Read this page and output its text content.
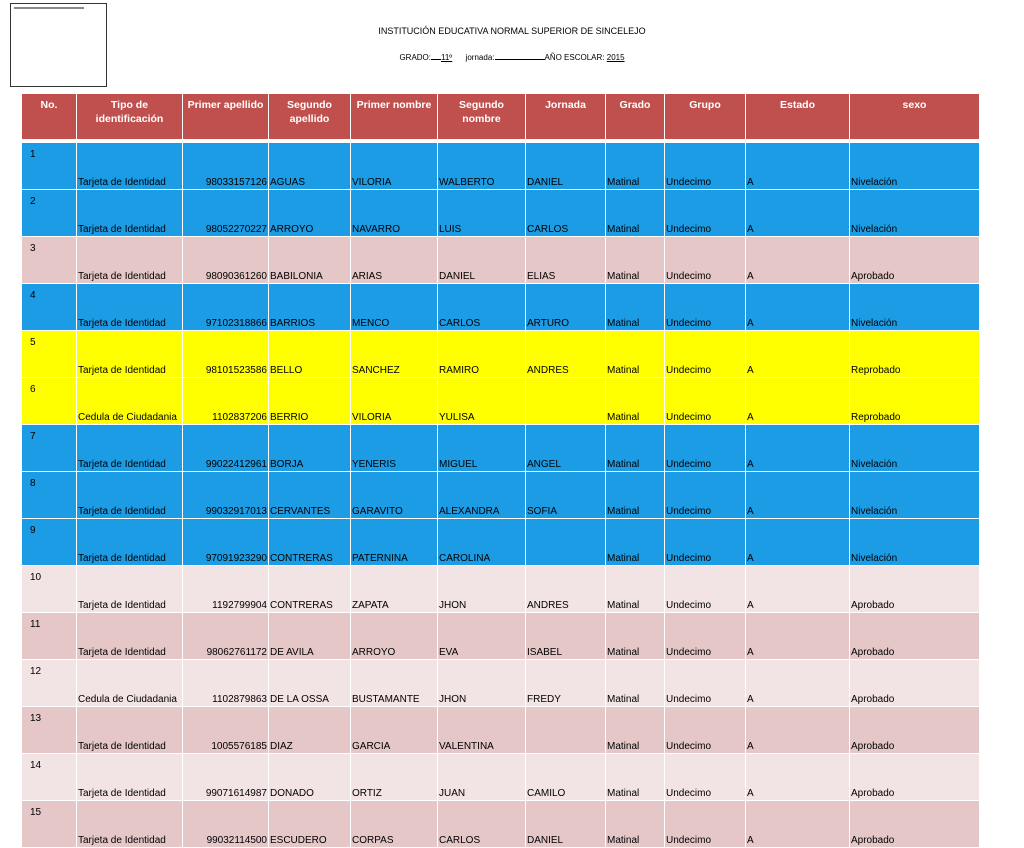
INSTITUCIÓN EDUCATIVA NORMAL SUPERIOR DE SINCELEJO
GRADO: 11º jornada:	AÑO ESCOLAR: 2015
No.	Tipo de identificación	Primer apellido	Segundo apellido	Primer nombre	Segundo nombre	Jornada	Grado	Grupo	Estado	sexo

1	Tarjeta de Identidad	98033157126	AGUAS	VILORIA	WALBERTO	DANIEL	Matinal	Undecimo	A	Nivelación
2	Tarjeta de Identidad	98052270227	ARROYO	NAVARRO	LUIS	CARLOS	Matinal	Undecimo	A	Nivelación
3	Tarjeta de Identidad	98090361260	BABILONIA	ARIAS	DANIEL	ELIAS	Matinal	Undecimo	A	Aprobado
4	Tarjeta de Identidad	97102318866	BARRIOS	MENCO	CARLOS	ARTURO	Matinal	Undecimo	A	Nivelación
5	Tarjeta de Identidad	98101523586	BELLO	SANCHEZ	RAMIRO	ANDRES	Matinal	Undecimo	A	Reprobado
6	Cedula de Ciudadania	1102837206	BERRIO	VILORIA	YULISA		Matinal	Undecimo	A	Reprobado
7	Tarjeta de Identidad	99022412961	BORJA	YENERIS	MIGUEL	ANGEL	Matinal	Undecimo	A	Nivelación
8	Tarjeta de Identidad	99032917013	CERVANTES	GARAVITO	ALEXANDRA	SOFIA	Matinal	Undecimo	A	Nivelación
9	Tarjeta de Identidad	97091923290	CONTRERAS	PATERNINA	CAROLINA		Matinal	Undecimo	A	Nivelación
10	Tarjeta de Identidad	1192799904	CONTRERAS	ZAPATA	JHON	ANDRES	Matinal	Undecimo	A	Aprobado
11	Tarjeta de Identidad	98062761172	DE AVILA	ARROYO	EVA	ISABEL	Matinal	Undecimo	A	Aprobado
12	Cedula de Ciudadania	1102879863	DE LA OSSA	BUSTAMANTE	JHON	FREDY	Matinal	Undecimo	A	Aprobado
13	Tarjeta de Identidad	1005576185	DIAZ	GARCIA	VALENTINA		Matinal	Undecimo	A	Aprobado
14	Tarjeta de Identidad	99071614987	DONADO	ORTIZ	JUAN	CAMILO	Matinal	Undecimo	A	Aprobado
15	Tarjeta de Identidad	99032114500	ESCUDERO	CORPAS	CARLOS	DANIEL	Matinal	Undecimo	A	Aprobado
